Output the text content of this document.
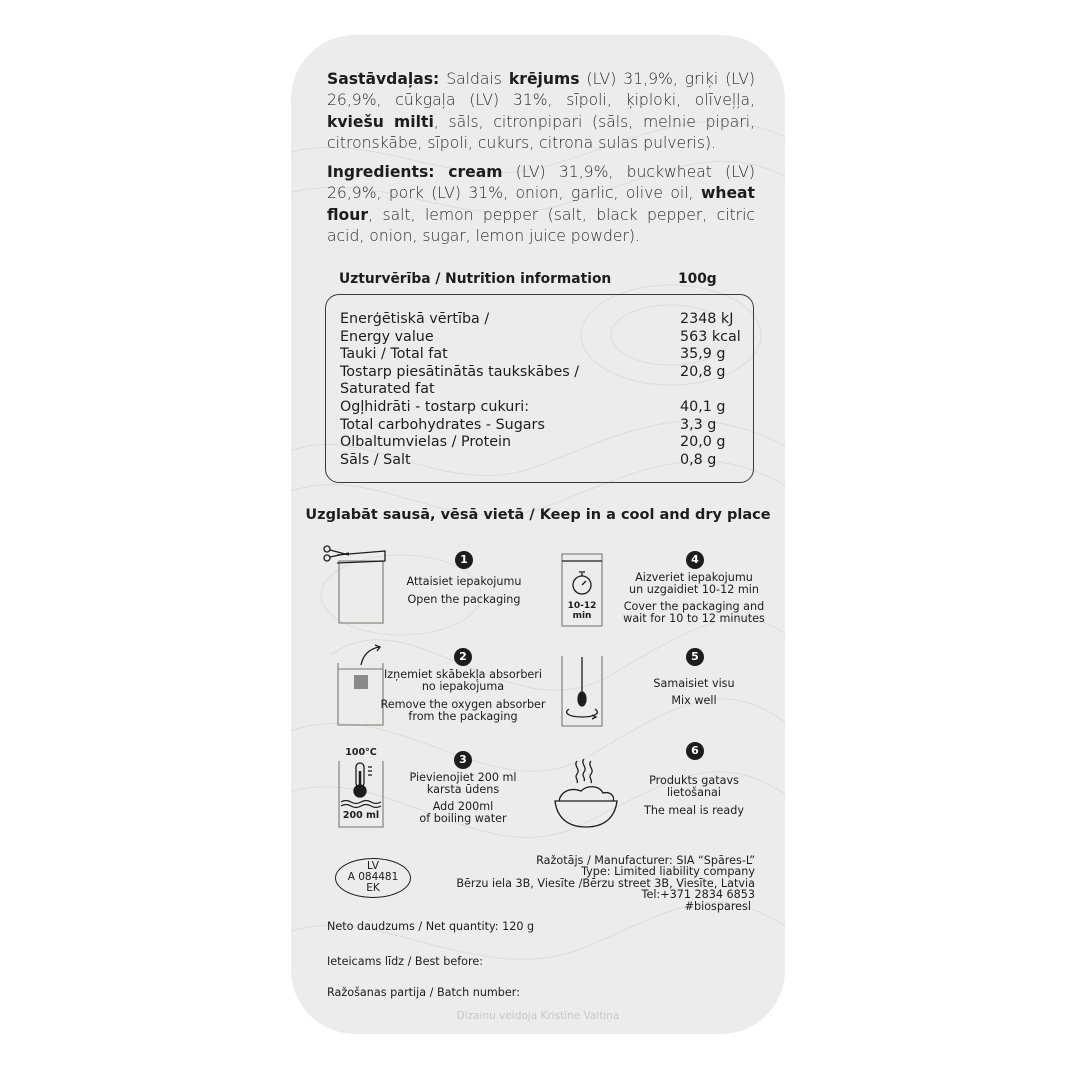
Sastāvdaļas: Saldais krējums (LV) 31,9%, griķi (LV) 26,9%, cūkgaļa (LV) 31%, sīpoli, ķiploki, olīveļļa, kviešu milti, sāls, citronpipari (sāls, melnie pipari, citronskābe, sīpoli, cukurs, citrona sulas pulveris).
Ingredients: cream (LV) 31,9%, buckwheat (LV) 26,9%, pork (LV) 31%, onion, garlic, olive oil, wheat flour, salt, lemon pepper (salt, black pepper, citric acid, onion, sugar, lemon juice powder).
Uzturvērība / Nutrition information	100g
Enerģētiskā vērtība /	2348 kJ
Energy value	563 kcal
Tauki / Total fat	35,9 g
Tostarp piesātinātās taukskābes /	20,8 g
Saturated fat
Ogļhidrāti - tostarp cukuri:	40,1 g
Total carbohydrates - Sugars	3,3 g
Olbaltumvielas / Protein	20,0 g
Sāls / Salt	0,8 g
Uzglabāt sausā, vēsā vietā / Keep in a cool and dry place
1
Attaisiet iepakojumu
Open the packaging	10-12
min
4
Aizveriet iepakojumu
un uzgaidiet 10-12 min
Cover the packaging and
wait for 10 to 12 minutes
2
Izņemiet skābekļa absorberi
no iepakojuma
Remove the oxygen absorber
from the packaging
5
Samaisiet visu
Mix well
100°C
200 ml
3
Pievienojiet 200 ml
karsta ūdens
Add 200ml
of boiling water
6
Produkts gatavs
lietošanai
The meal is ready
LV
A 084481
EK
Ražotājs / Manufacturer: SIA “Spāres-L”
Type: Limited liability company
Bērzu iela 3B, Viesīte /Bērzu street 3B, Viesīte, Latvia
Tel:+371 2834 6853
#biosparesl
Neto daudzums / Net quantity: 120 g
Ieteicams līdz / Best before:
Ražošanas partija / Batch number:
Dizainu veidoja Kristīne Valtiņa
